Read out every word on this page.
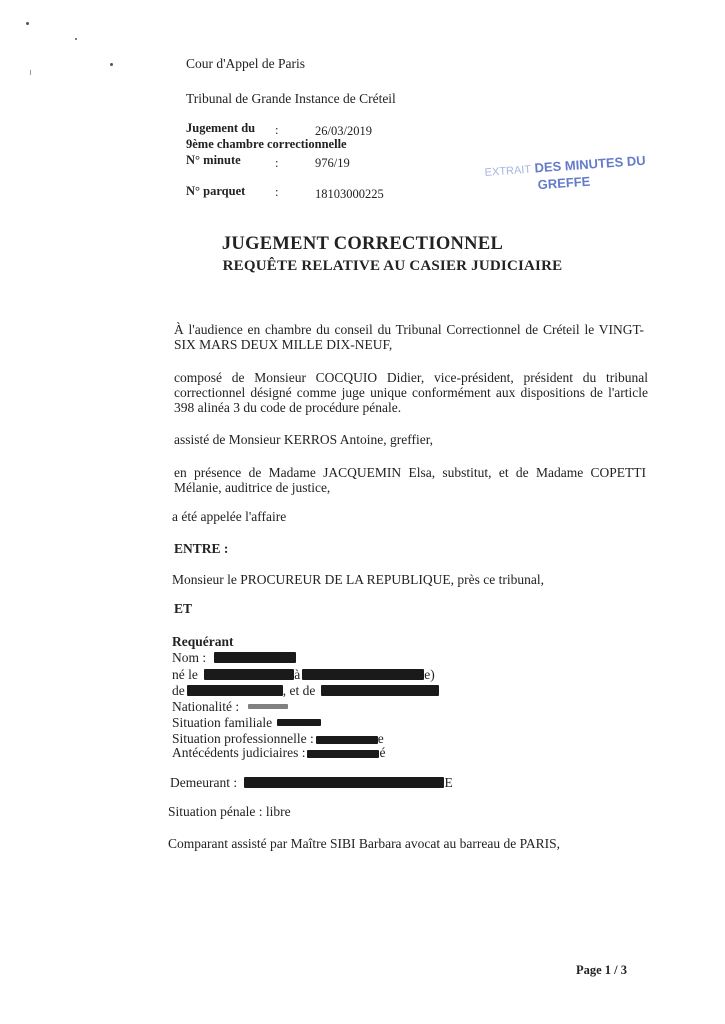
Cour d'Appel de Paris
Tribunal de Grande Instance de Créteil
Jugement du :	26/03/2019
9ème chambre correctionnelle
N° minute	:	976/19
N° parquet :	18103000225
EXTRAIT DES MINUTES DU
GREFFE
JUGEMENT CORRECTIONNEL
REQUÊTE RELATIVE AU CASIER JUDICIAIRE
À l'audience en chambre du conseil du Tribunal Correctionnel de Créteil le VINGT-SIX MARS DEUX MILLE DIX-NEUF,
composé de Monsieur COCQUIO Didier, vice-président, président du tribunal correctionnel désigné comme juge unique conformément aux dispositions de l'article 398 alinéa 3 du code de procédure pénale.
assisté de Monsieur KERROS Antoine, greffier,
en présence de Madame JACQUEMIN Elsa, substitut, et de Madame COPETTI Mélanie, auditrice de justice,
a été appelée l'affaire
ENTRE :
Monsieur le PROCUREUR DE LA REPUBLIQUE, près ce tribunal,
ET
Requérant
Nom :
né le	à	e)
de	, et de
Nationalité :
Situation familiale
Situation professionnelle :	e
Antécédents judiciaires :	é
Demeurant :	E
Situation pénale : libre
Comparant assisté par Maître SIBI Barbara avocat au barreau de PARIS,
Page 1 / 3
